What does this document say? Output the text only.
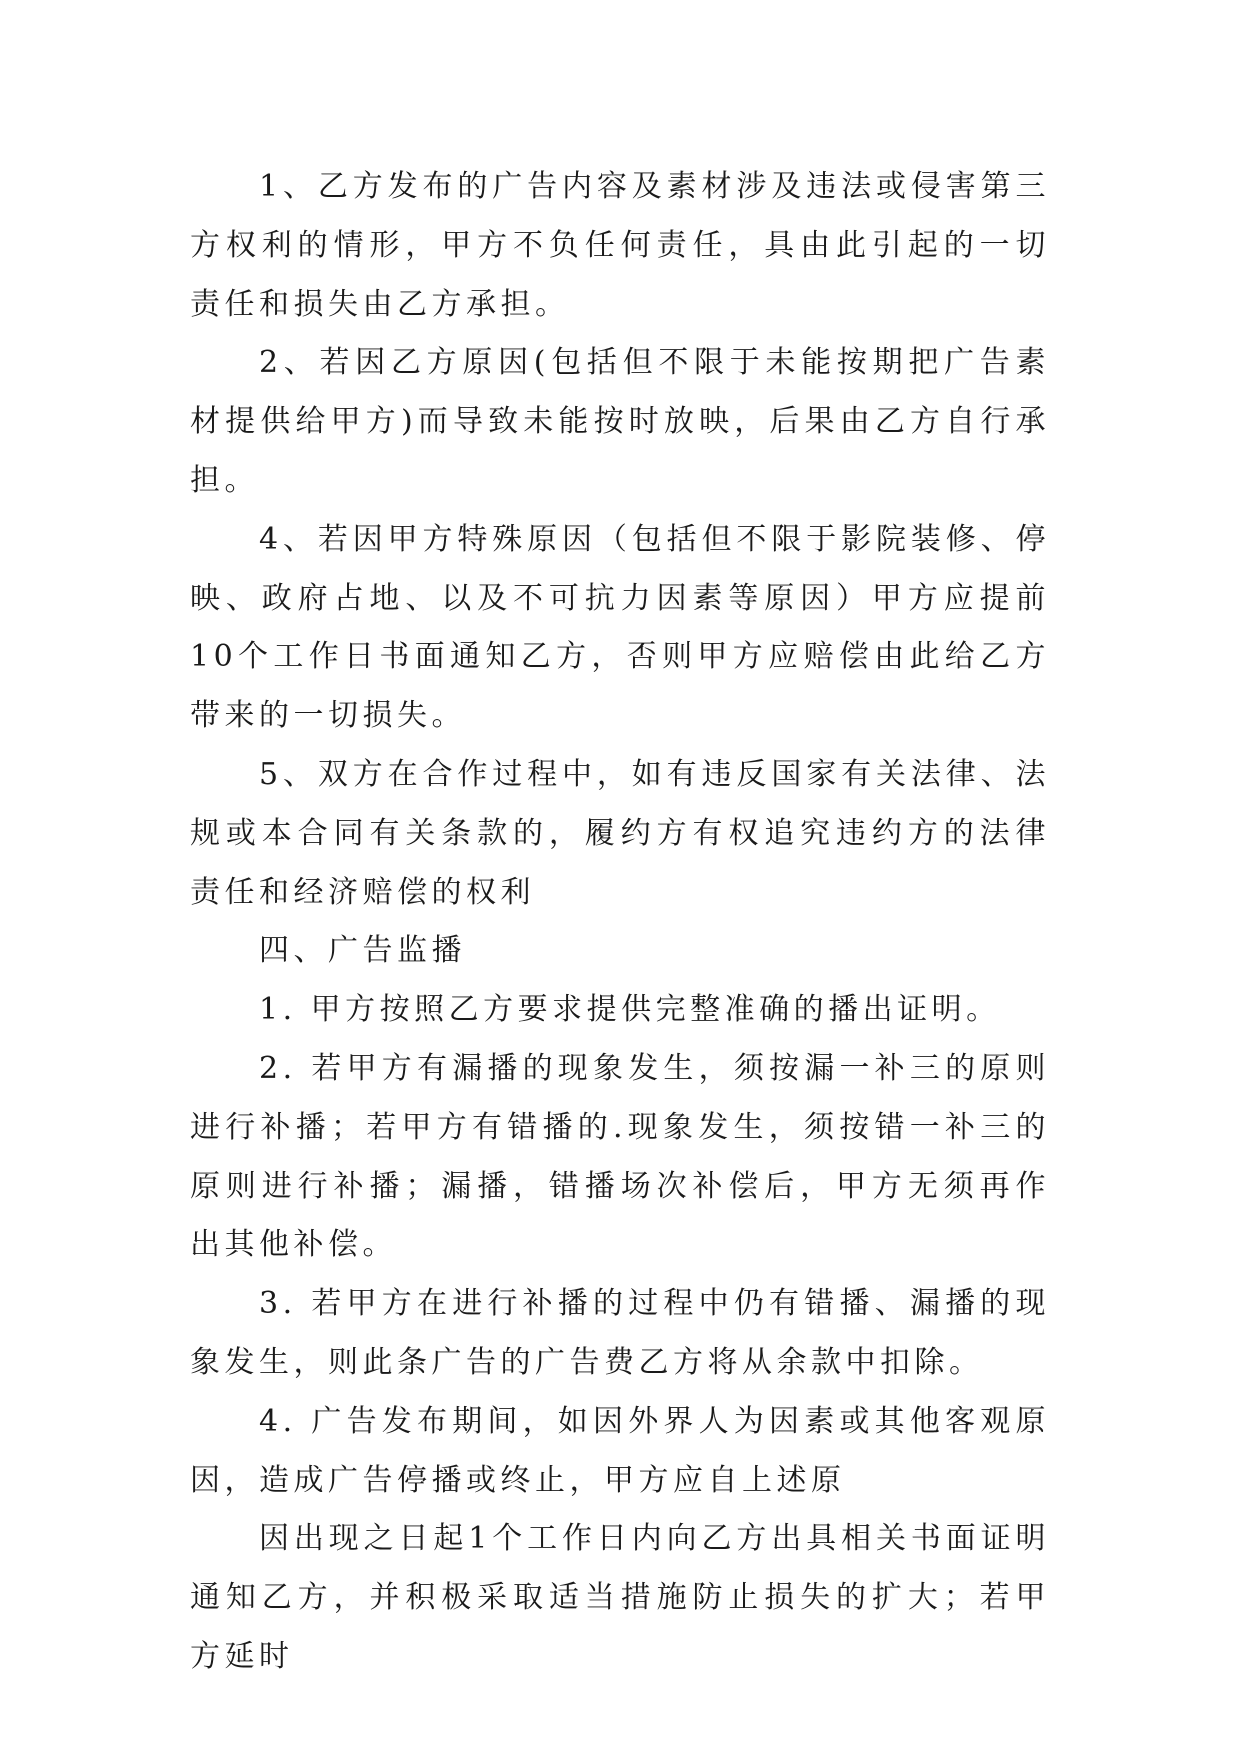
1、乙方发布的广告内容及素材涉及违法或侵害第三方权利的情形，甲方不负任何责任，具由此引起的一切责任和损失由乙方承担。

2、若因乙方原因(包括但不限于未能按期把广告素材提供给甲方)而导致未能按时放映，后果由乙方自行承担。

4、若因甲方特殊原因（包括但不限于影院装修、停映、政府占地、以及不可抗力因素等原因）甲方应提前10个工作日书面通知乙方，否则甲方应赔偿由此给乙方带来的一切损失。

5、双方在合作过程中，如有违反国家有关法律、法规或本合同有关条款的，履约方有权追究违约方的法律责任和经济赔偿的权利

四、广告监播

1. 甲方按照乙方要求提供完整准确的播出证明。

2. 若甲方有漏播的现象发生，须按漏一补三的原则进行补播；若甲方有错播的.现象发生，须按错一补三的原则进行补播；漏播，错播场次补偿后，甲方无须再作出其他补偿。

3. 若甲方在进行补播的过程中仍有错播、漏播的现象发生，则此条广告的广告费乙方将从余款中扣除。

4. 广告发布期间，如因外界人为因素或其他客观原因，造成广告停播或终止，甲方应自上述原

因出现之日起1个工作日内向乙方出具相关书面证明通知乙方，并积极采取适当措施防止损失的扩大；若甲方延时
